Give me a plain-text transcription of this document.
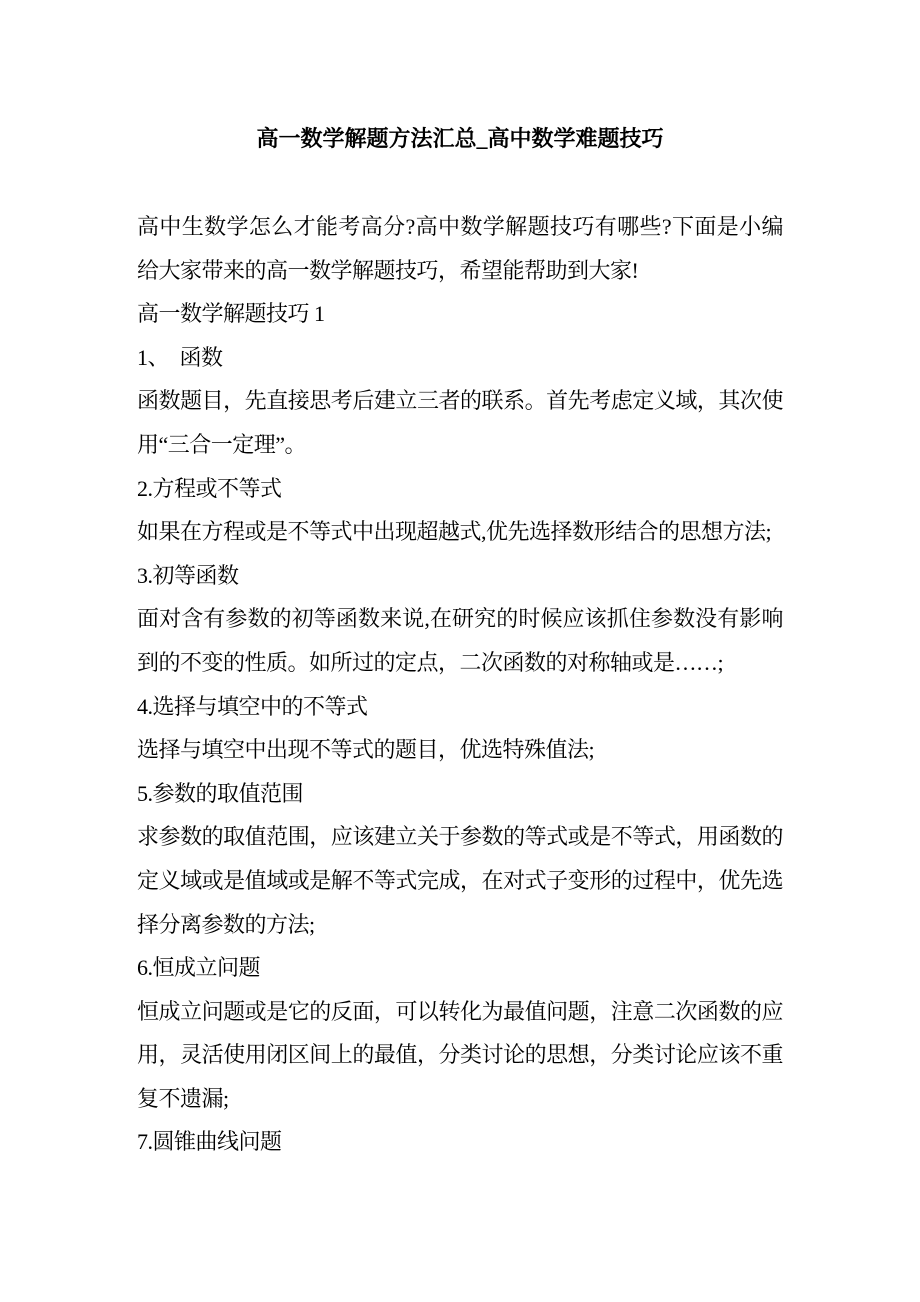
高一数学解题方法汇总_高中数学难题技巧
高中生数学怎么才能考高分?高中数学解题技巧有哪些?下面是小编
给大家带来的高一数学解题技巧，希望能帮助到大家!
高一数学解题技巧 1
1、　函数
函数题目，先直接思考后建立三者的联系。首先考虑定义域，其次使
用“三合一定理”。
2.方程或不等式
如果在方程或是不等式中出现超越式,优先选择数形结合的思想方法;
3.初等函数
面对含有参数的初等函数来说,在研究的时候应该抓住参数没有影响
到的不变的性质。如所过的定点，二次函数的对称轴或是……;
4.选择与填空中的不等式
选择与填空中出现不等式的题目，优选特殊值法;
5.参数的取值范围
求参数的取值范围，应该建立关于参数的等式或是不等式，用函数的
定义域或是值域或是解不等式完成，在对式子变形的过程中，优先选
择分离参数的方法;
6.恒成立问题
恒成立问题或是它的反面，可以转化为最值问题，注意二次函数的应
用，灵活使用闭区间上的最值，分类讨论的思想，分类讨论应该不重
复不遗漏;
7.圆锥曲线问题
